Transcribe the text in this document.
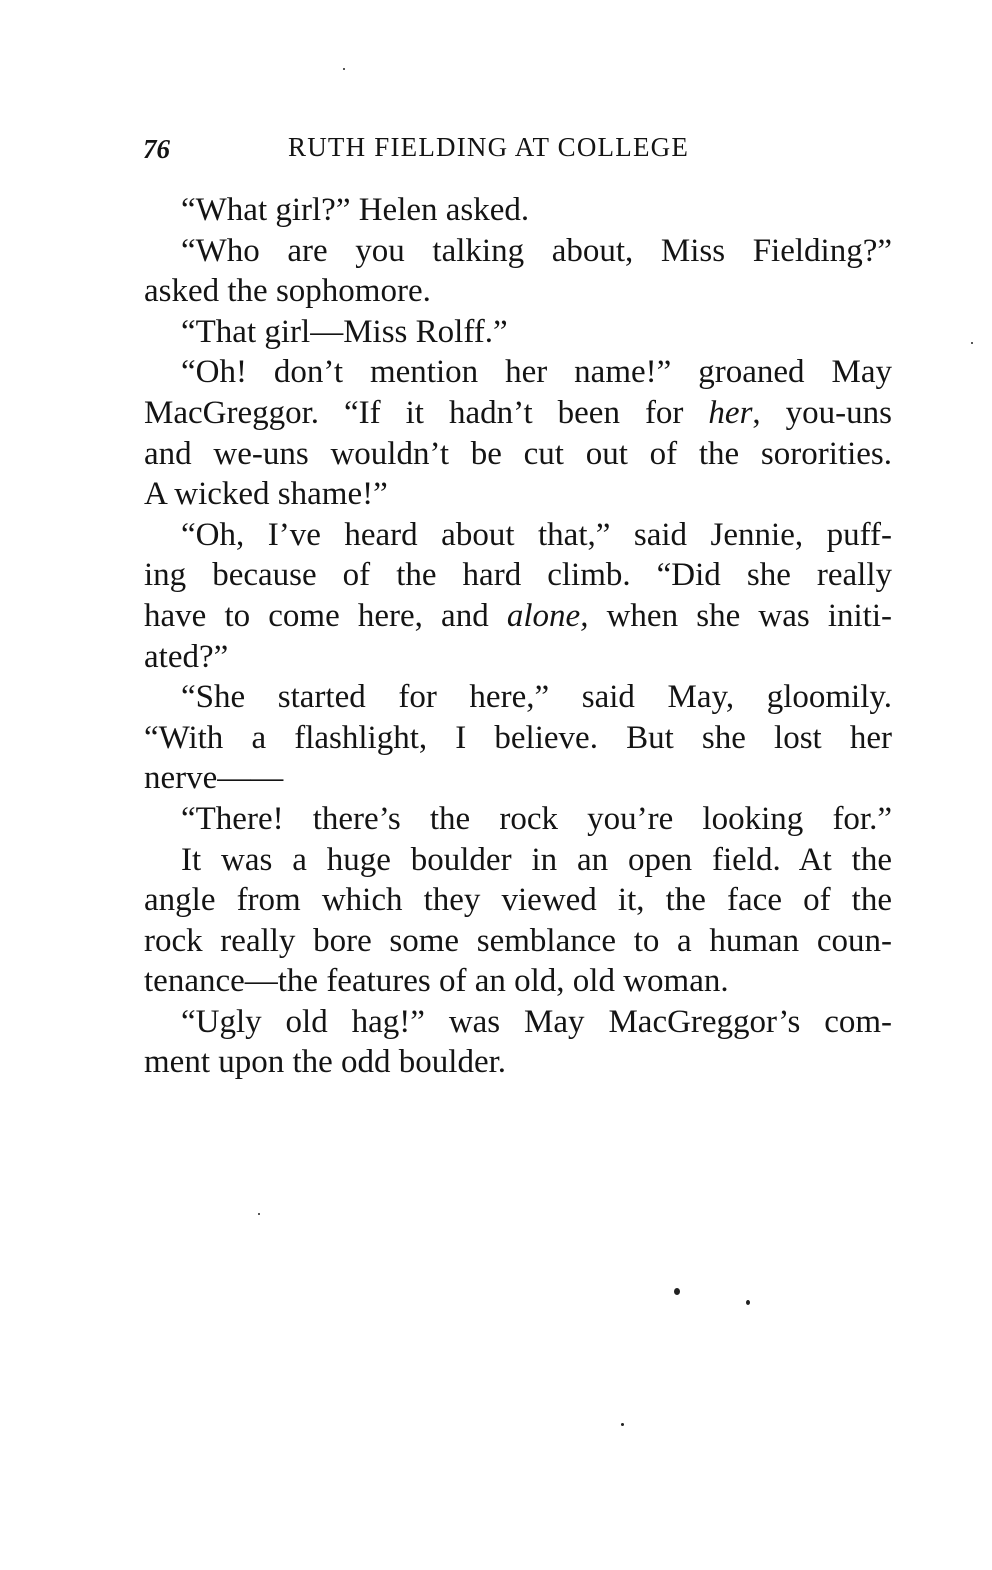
76	RUTH FIELDING AT COLLEGE
“What girl?” Helen asked.
“Who are you talking about, Miss Fielding?”
asked the sophomore.
“That girl—Miss Rolff.”
“Oh! don’t mention her name!” groaned May
MacGreggor. “If it hadn’t been for her, you-uns
and we-uns wouldn’t be cut out of the sororities.
A wicked shame!”
“Oh, I’ve heard about that,” said Jennie, puff-
ing because of the hard climb. “Did she really
have to come here, and alone, when she was initi-
ated?”
“She started for here,” said May, gloomily.
“With a flashlight, I believe. But she lost her
nerve——
“There! there’s the rock you’re looking for.”
It was a huge boulder in an open field. At the
angle from which they viewed it, the face of the
rock really bore some semblance to a human coun-
tenance—the features of an old, old woman.
“Ugly old hag!” was May MacGreggor’s com-
ment upon the odd boulder.
